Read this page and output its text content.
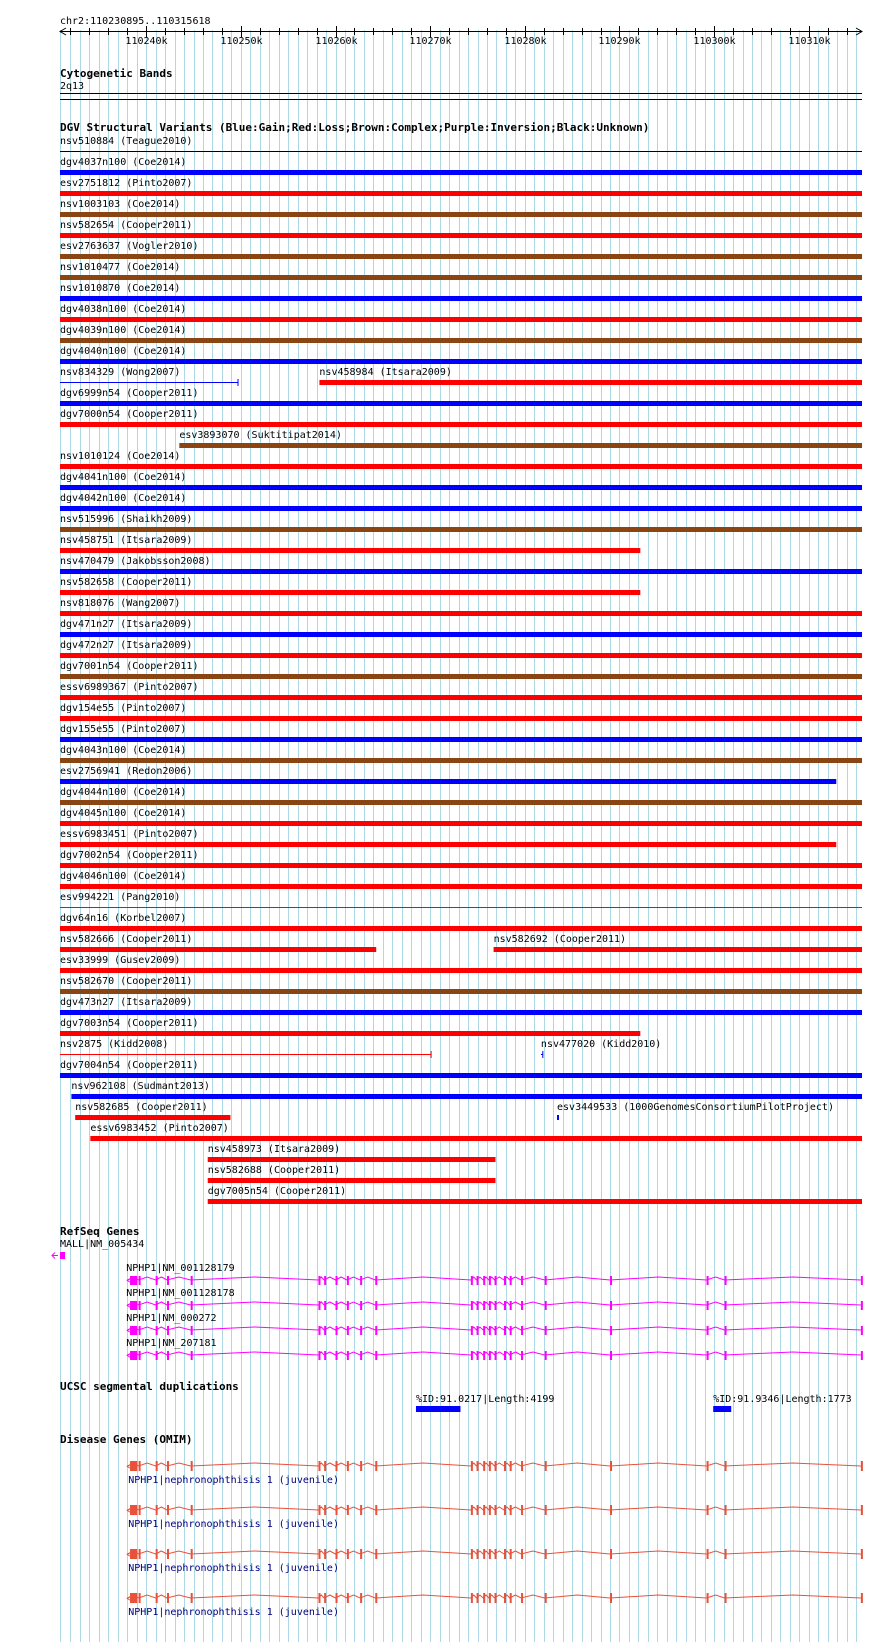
chr2:110230895..110315618
110240k	110250k	110260k	110270k	110280k	110290k	110300k	110310k
Cytogenetic Bands
2q13
DGV Structural Variants (Blue:Gain;Red:Loss;Brown:Complex;Purple:Inversion;Black:Unknown)
nsv510884 (Teague2010)
dgv4037n100 (Coe2014)
esv2751812 (Pinto2007)
nsv1003103 (Coe2014)
nsv582654 (Cooper2011)
esv2763637 (Vogler2010)
nsv1010477 (Coe2014)
nsv1010870 (Coe2014)
dgv4038n100 (Coe2014)
dgv4039n100 (Coe2014)
dgv4040n100 (Coe2014)
nsv834329 (Wong2007)	nsv458984 (Itsara2009)
dgv6999n54 (Cooper2011)
dgv7000n54 (Cooper2011)
esv3893070 (Suktitipat2014)
nsv1010124 (Coe2014)
dgv4041n100 (Coe2014)
dgv4042n100 (Coe2014)
nsv515996 (Shaikh2009)
nsv458751 (Itsara2009)
nsv470479 (Jakobsson2008)
nsv582658 (Cooper2011)
nsv818076 (Wang2007)
dgv471n27 (Itsara2009)
dgv472n27 (Itsara2009)
dgv7001n54 (Cooper2011)
essv6989367 (Pinto2007)
dgv154e55 (Pinto2007)
dgv155e55 (Pinto2007)
dgv4043n100 (Coe2014)
esv2756941 (Redon2006)
dgv4044n100 (Coe2014)
dgv4045n100 (Coe2014)
essv6983451 (Pinto2007)
dgv7002n54 (Cooper2011)
dgv4046n100 (Coe2014)
esv994221 (Pang2010)
dgv64n16 (Korbel2007)
nsv582666 (Cooper2011)	nsv582692 (Cooper2011)
esv33999 (Gusev2009)
nsv582670 (Cooper2011)
dgv473n27 (Itsara2009)
dgv7003n54 (Cooper2011)
nsv2875 (Kidd2008)	nsv477020 (Kidd2010)
dgv7004n54 (Cooper2011)
nsv962108 (Sudmant2013)
nsv582685 (Cooper2011)	esv3449533 (1000GenomesConsortiumPilotProject)
essv6983452 (Pinto2007)
nsv458973 (Itsara2009)
nsv582688 (Cooper2011)
dgv7005n54 (Cooper2011)
RefSeq Genes
MALL|NM_005434
NPHP1|NM_001128179
NPHP1|NM_001128178
NPHP1|NM_000272
NPHP1|NM_207181
UCSC segmental duplications
%ID:91.0217|Length:4199	%ID:91.9346|Length:1773
Disease Genes (OMIM)
NPHP1|nephronophthisis 1 (juvenile)
NPHP1|nephronophthisis 1 (juvenile)
NPHP1|nephronophthisis 1 (juvenile)
NPHP1|nephronophthisis 1 (juvenile)
